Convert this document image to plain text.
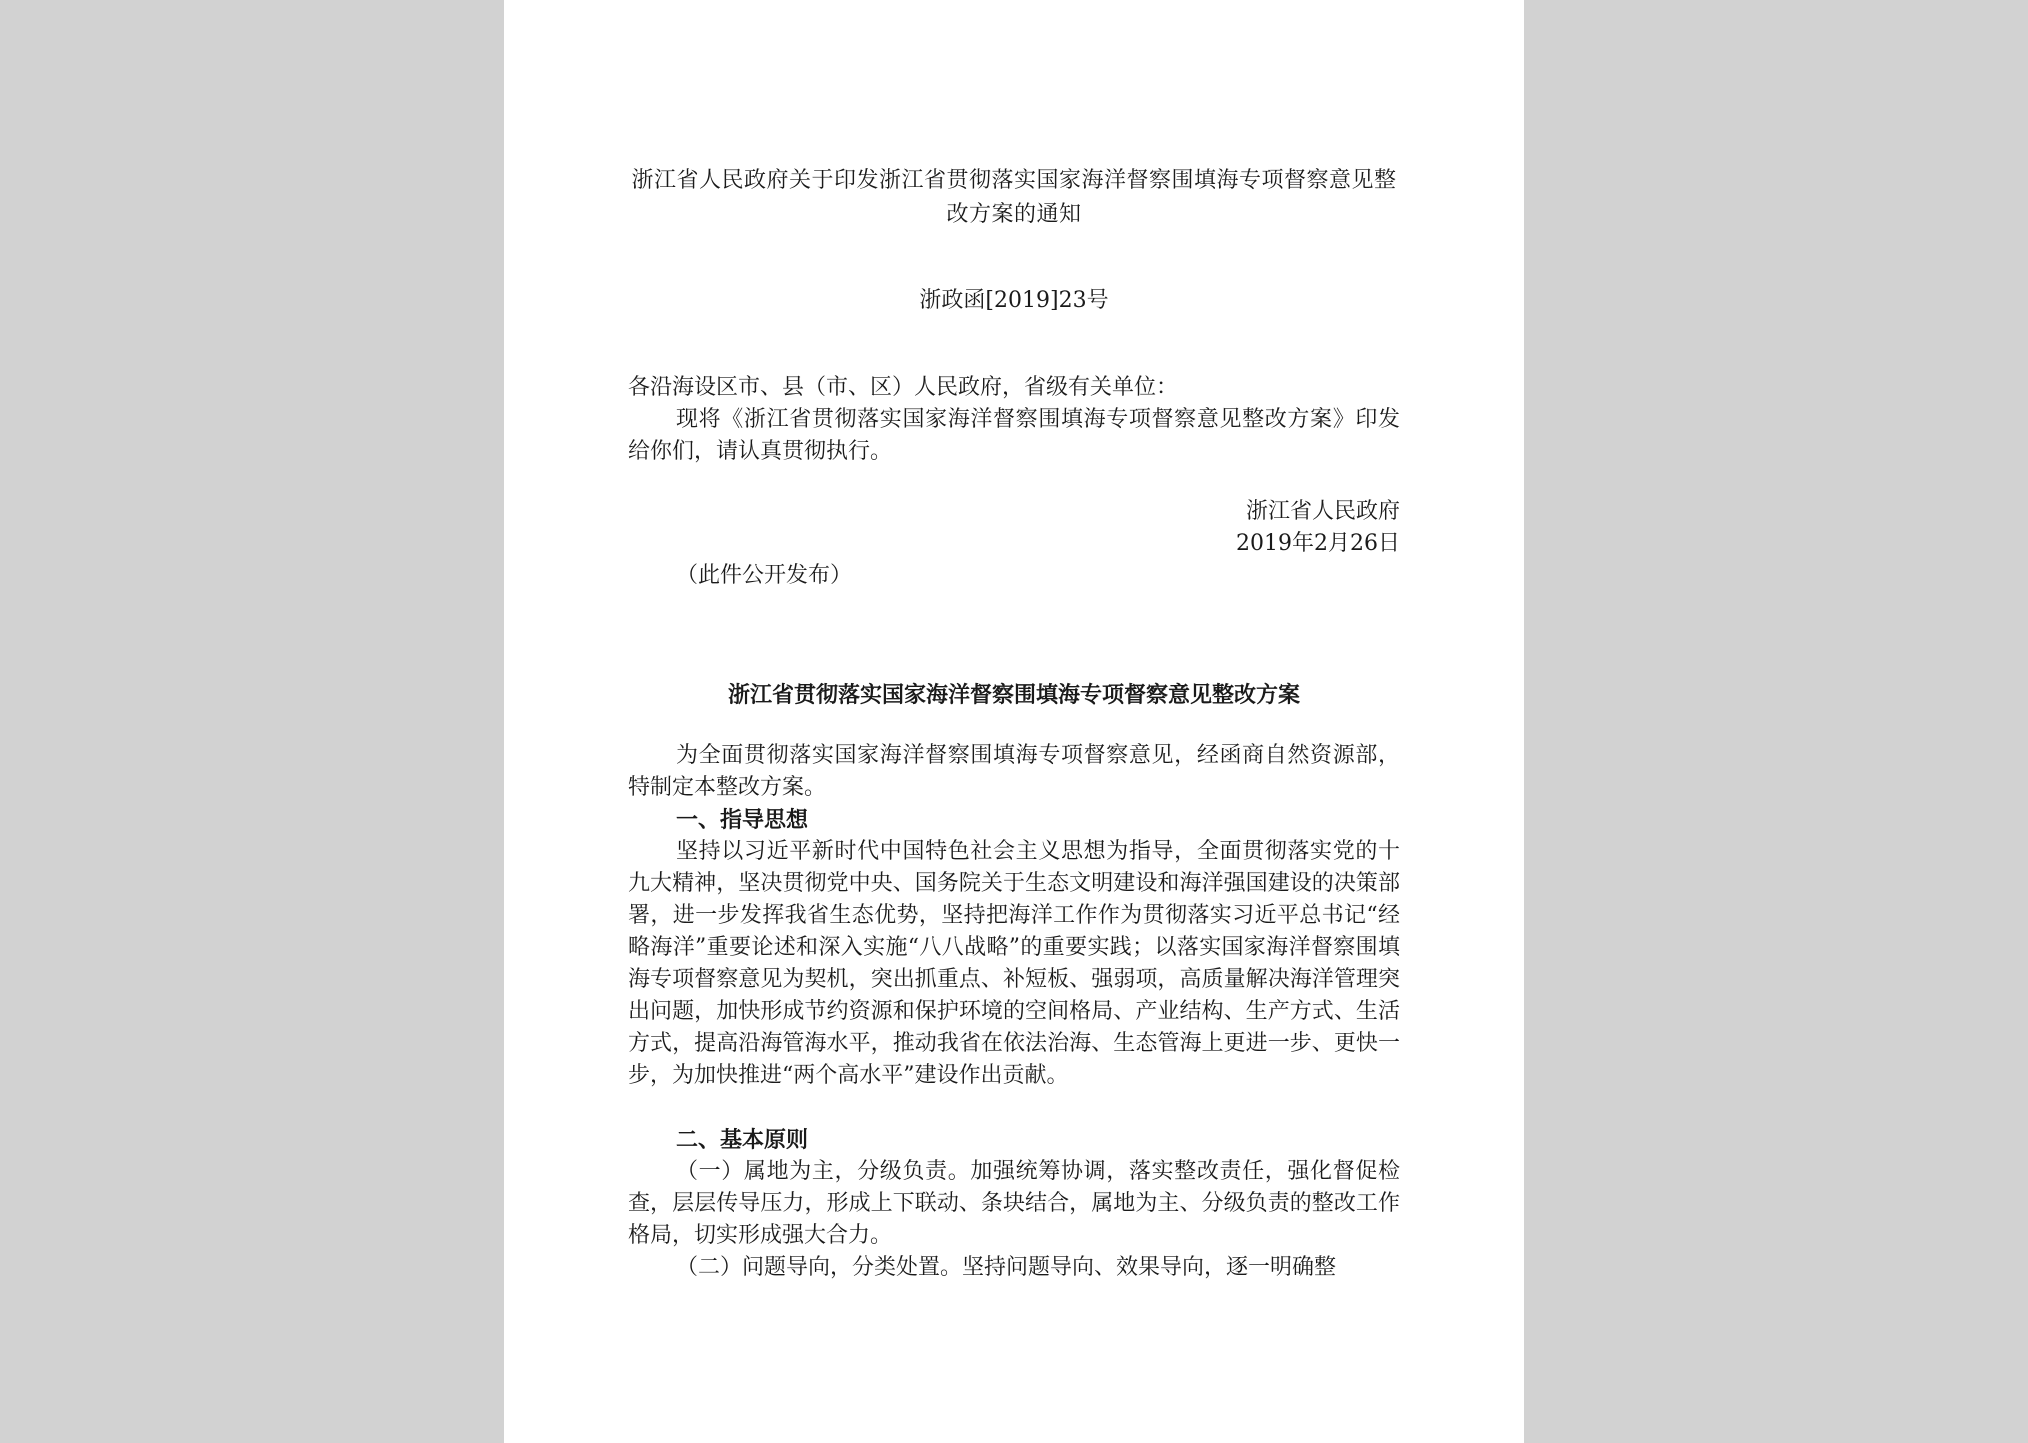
浙江省人民政府关于印发浙江省贯彻落实国家海洋督察围填海专项督察意见整改方案的通知
浙政函[2019]23号

各沿海设区市、县（市、区）人民政府，省级有关单位：

现将《浙江省贯彻落实国家海洋督察围填海专项督察意见整改方案》印发给你们，请认真贯彻执行。

浙江省人民政府

2019年2月26日

（此件公开发布）

浙江省贯彻落实国家海洋督察围填海专项督察意见整改方案

为全面贯彻落实国家海洋督察围填海专项督察意见，经函商自然资源部，特制定本整改方案。

一、指导思想

坚持以习近平新时代中国特色社会主义思想为指导，全面贯彻落实党的十九大精神，坚决贯彻党中央、国务院关于生态文明建设和海洋强国建设的决策部署，进一步发挥我省生态优势，坚持把海洋工作作为贯彻落实习近平总书记“经略海洋”重要论述和深入实施“八八战略”的重要实践；以落实国家海洋督察围填海专项督察意见为契机，突出抓重点、补短板、强弱项，高质量解决海洋管理突出问题，加快形成节约资源和保护环境的空间格局、产业结构、生产方式、生活方式，提高沿海管海水平，推动我省在依法治海、生态管海上更进一步、更快一步，为加快推进“两个高水平”建设作出贡献。

二、基本原则

（一）属地为主，分级负责。加强统筹协调，落实整改责任，强化督促检查，层层传导压力，形成上下联动、条块结合，属地为主、分级负责的整改工作格局，切实形成强大合力。

（二）问题导向，分类处置。坚持问题导向、效果导向，逐一明确整
